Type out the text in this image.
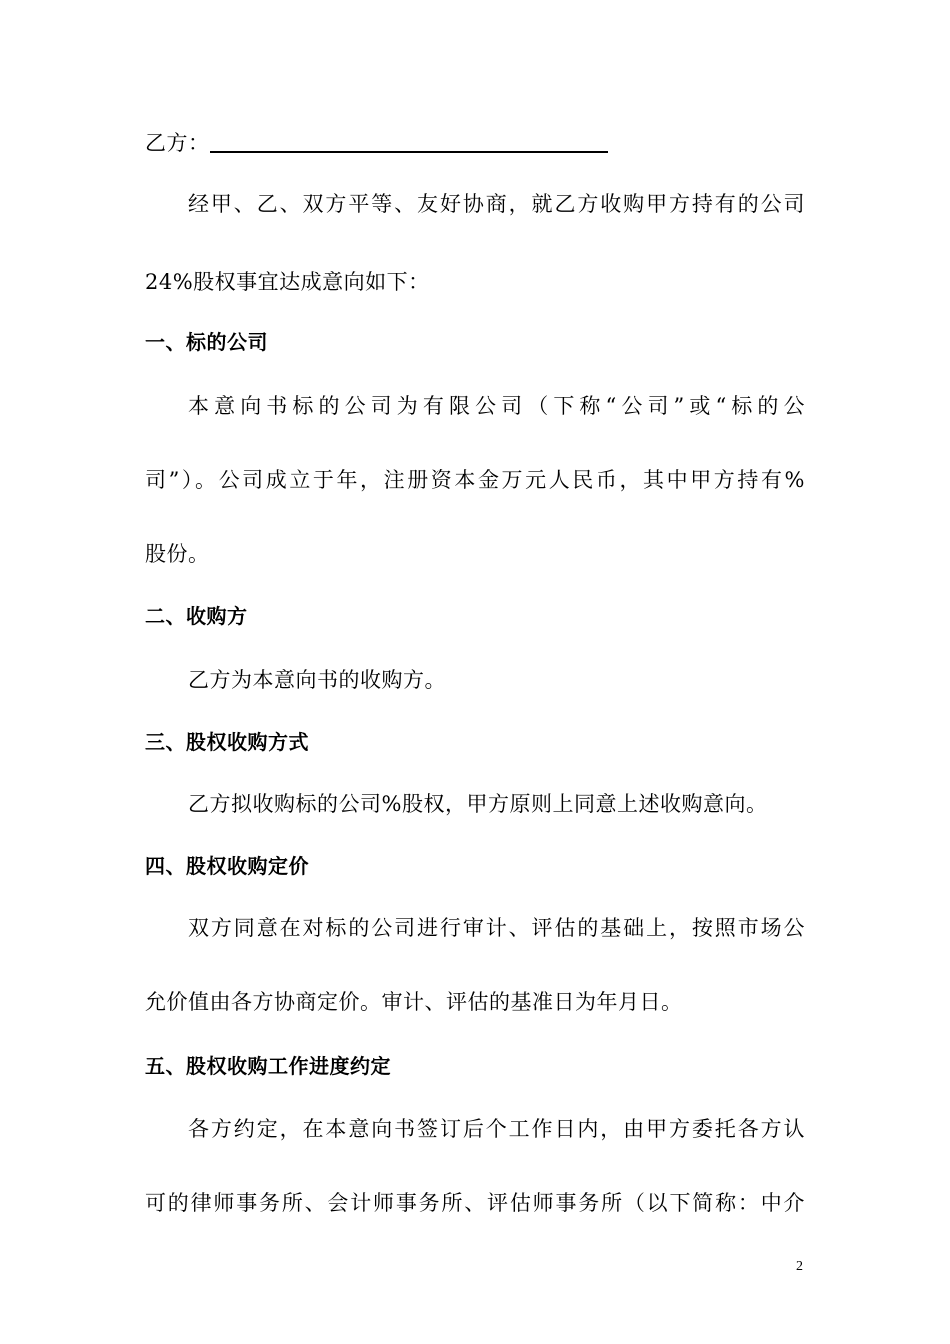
乙方：
经甲、乙、双方平等、友好协商，就乙方收购甲方持有的公司
24%股权事宜达成意向如下：
一、标的公司
本意向书标的公司为有限公司（下称“公司”或“标的公
司”）。公司成立于年，注册资本金万元人民币，其中甲方持有%
股份。
二、收购方
乙方为本意向书的收购方。
三、股权收购方式
乙方拟收购标的公司%股权，甲方原则上同意上述收购意向。
四、股权收购定价
双方同意在对标的公司进行审计、评估的基础上，按照市场公
允价值由各方协商定价。审计、评估的基准日为年月日。
五、股权收购工作进度约定
各方约定，在本意向书签订后个工作日内，由甲方委托各方认
可的律师事务所、会计师事务所、评估师事务所（以下简称：中介
2
